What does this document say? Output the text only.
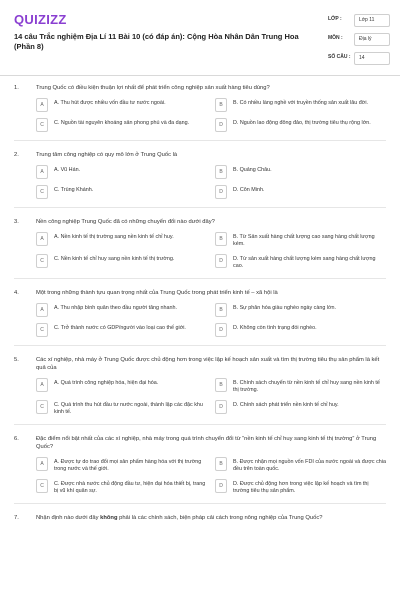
QUIZIZZ
14 câu Trắc nghiệm Địa Lí 11 Bài 10 (có đáp án): Cộng Hòa Nhân Dân Trung Hoa (Phần 8)
LỚP :	Lớp 11
MÔN :	Địa lý
SỐ CÂU :	14
1.	Trung Quốc có điều kiện thuận lợi nhất để phát triển công nghiệp sản xuất hàng tiêu dùng?
A	A. Thu hút được nhiều vốn đầu tư nước ngoài.	B	B. Có nhiều làng nghề với truyền thống sản xuất lâu đời.
C	C. Nguồn tài nguyên khoáng sản phong phú và đa dạng.	D	D. Nguồn lao động đông đảo, thị trường tiêu thụ rộng lớn.
2.	Trung tâm công nghiệp có quy mô lớn ở Trung Quốc là
A	A. Vũ Hán.	B	B. Quảng Châu.
C	C. Trùng Khánh.	D	D. Côn Minh.
3.	Nền công nghiệp Trung Quốc đã có những chuyển đổi nào dưới đây?
A	A. Nền kinh tế thị trường sang nền kinh tế chỉ huy.	B	B. Từ Sản xuất hàng chất lượng cao sang hàng chất lượng kém.
C	C. Nền kinh tế chỉ huy sang nền kinh tế thị trường.	D	D. Từ sản xuất hàng chất lượng kém sang hàng chất lượng cao.
4.	Một trong những thành tựu quan trọng nhất của Trung Quốc trong phát triển kinh tế – xã hội là
A	A. Thu nhập bình quân theo đầu người tăng nhanh.	B	B. Sự phân hóa giàu nghèo ngày càng lớn.
C	C. Trở thành nước có GDP/người vào loại cao thế giới.	D	D. Không còn tình trạng đói nghèo.
5.	Các xí nghiệp, nhà máy ở Trung Quốc được chủ động hơn trong việc lập kế hoạch sản xuất và tìm thị trường tiêu thụ sản phẩm là kết quả của
A	A. Quá trình công nghiệp hóa, hiện đại hóa.	B	B. Chính sách chuyển từ nền kinh tế chỉ huy sang nền kinh tế thị trường.
C	C. Quá trình thu hút đầu tư nước ngoài, thành lập các đặc khu kinh tế.
D	D. Chính sách phát triển nền kinh tế chỉ huy.
6.	Đặc điểm nổi bật nhất của các xí nghiệp, nhà máy trong quá trình chuyển đổi từ “nền kinh tế chỉ huy sang kinh tế thị trường” ở Trung Quốc?
A	A. Được tự do trao đổi mọi sản phẩm hàng hóa với thị trường trong nước và thế giới.
B	B. Được nhận mọi nguồn vốn FDI của nước ngoài và được chia đều trên toàn quốc.
C	C. Được nhà nước chủ động đầu tư, hiện đại hóa thiết bị, trang bị vũ khí quân sự.
D	D. Được chủ động hơn trong việc lập kế hoạch và tìm thị trường tiêu thụ sản phẩm.
7.	Nhận định nào dưới đây không phải là các chính sách, biện pháp cải cách trong nông nghiệp của Trung Quốc?
